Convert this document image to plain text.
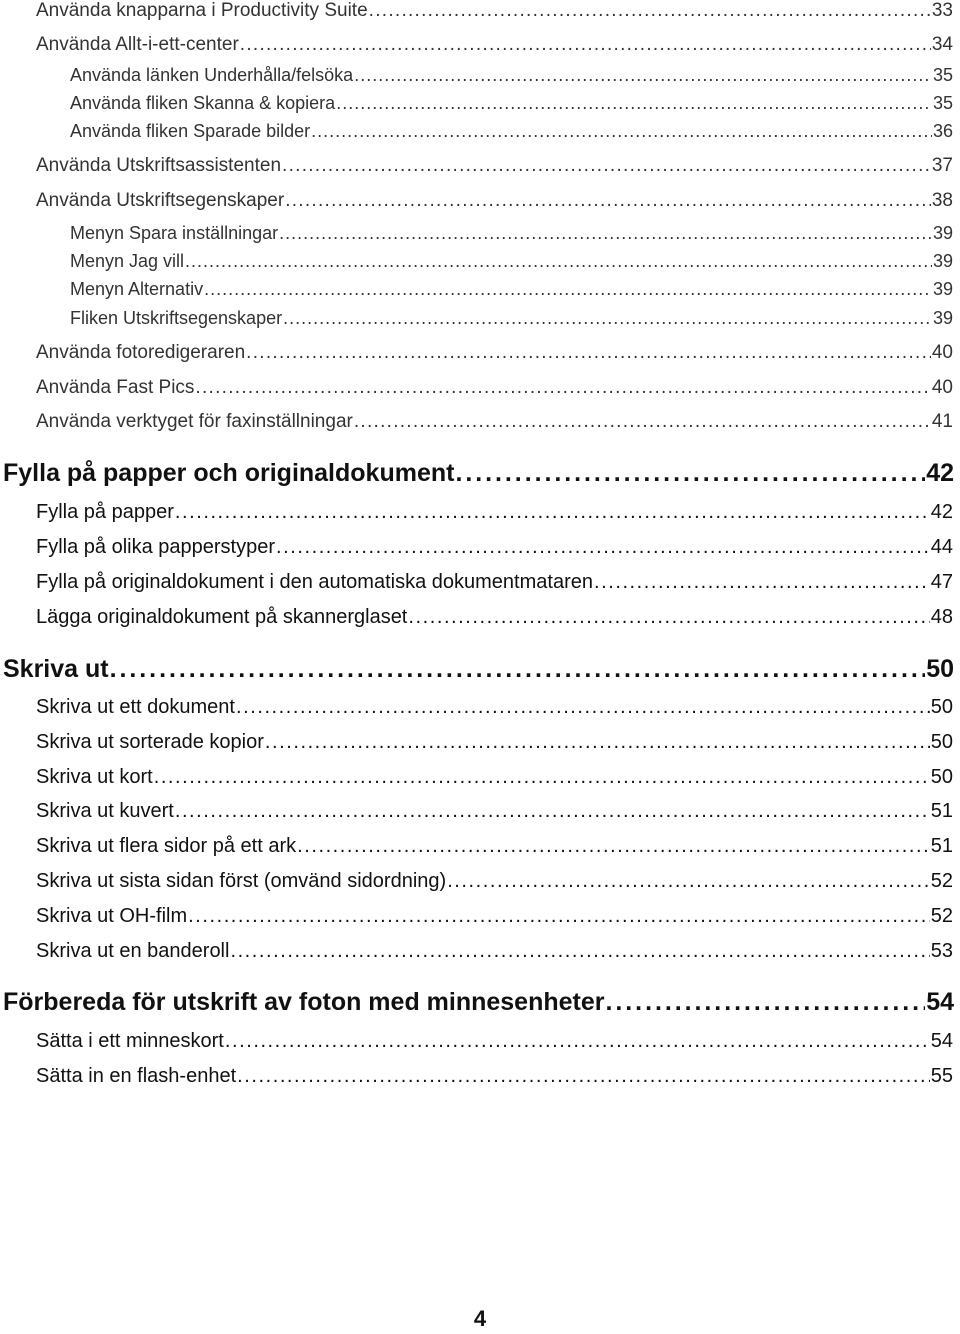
Använda knapparna i Productivity Suite . . .	33
Använda Allt-i-ett-center . . .	34
Använda länken Underhålla/felsöka . . .	35
Använda fliken Skanna & kopiera . . .	35
Använda fliken Sparade bilder . . .	36
Använda Utskriftsassistenten . . .	37
Använda Utskriftsegenskaper . . .	38
Menyn Spara inställningar . . .	39
Menyn Jag vill . . .	39
Menyn Alternativ . . .	39
Fliken Utskriftsegenskaper . . .	39
Använda fotoredigeraren . . .	40
Använda Fast Pics . . .	40
Använda verktyget för faxinställningar . . .	41
Fylla på papper och originaldokument . . .	42
Fylla på papper . . .	42
Fylla på olika papperstyper . . .	44
Fylla på originaldokument i den automatiska dokumentmataren . . .	47
Lägga originaldokument på skannerglaset . . .	48
Skriva ut . . .	50
Skriva ut ett dokument . . .	50
Skriva ut sorterade kopior . . .	50
Skriva ut kort . . .	50
Skriva ut kuvert . . .	51
Skriva ut flera sidor på ett ark . . .	51
Skriva ut sista sidan först (omvänd sidordning) . . .	52
Skriva ut OH-film . . .	52
Skriva ut en banderoll . . .	53
Förbereda för utskrift av foton med minnesenheter . . .	54
Sätta i ett minneskort . . .	54
Sätta in en flash-enhet . . .	55
4
